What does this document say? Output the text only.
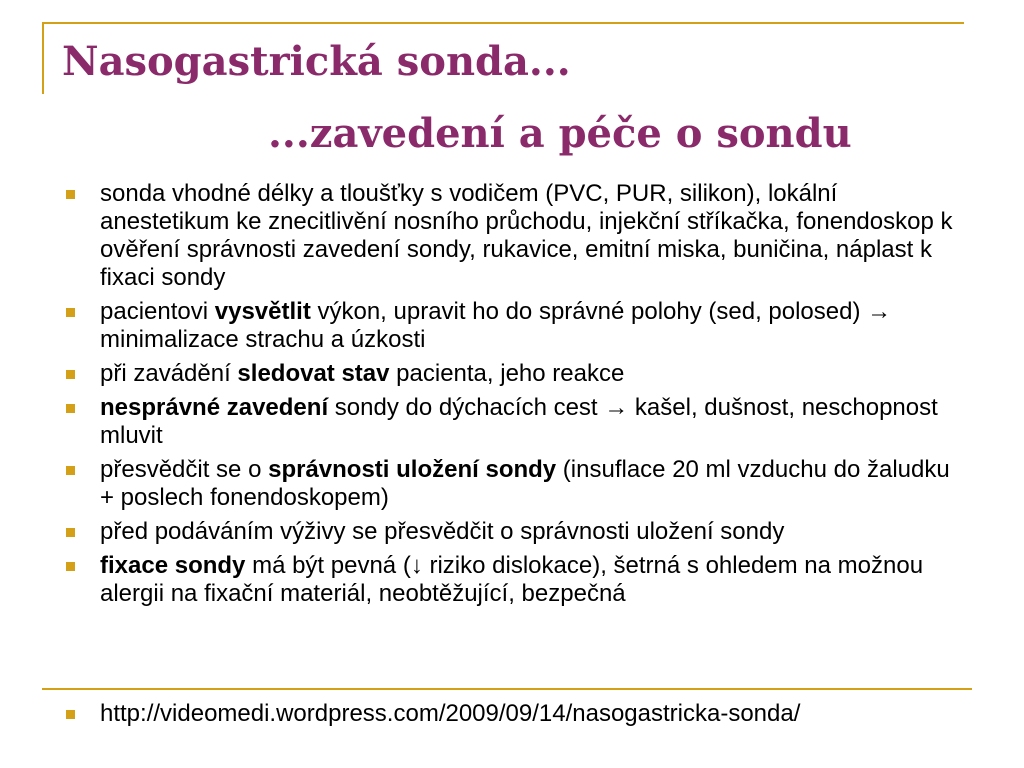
Nasogastrická sonda...
...zavedení a péče o sondu
sonda vhodné délky a tloušťky s vodičem (PVC, PUR, silikon), lokální anestetikum ke znecitlivění nosního průchodu, injekční stříkačka, fonendoskop k ověření správnosti zavedení sondy, rukavice, emitní miska, buničina, náplast k fixaci sondy
pacientovi vysvětlit výkon, upravit ho do správné polohy (sed, polosed) → minimalizace strachu a úzkosti
při zavádění sledovat stav pacienta, jeho reakce
nesprávné zavedení sondy do dýchacích cest → kašel, dušnost, neschopnost mluvit
přesvědčit se o správnosti uložení sondy (insuflace 20 ml vzduchu do žaludku + poslech fonendoskopem)
před podáváním výživy se přesvědčit o správnosti uložení sondy
fixace sondy má být pevná (↓ riziko dislokace), šetrná s ohledem na možnou alergii na fixační materiál, neobtěžující, bezpečná
http://videomedi.wordpress.com/2009/09/14/nasogastricka-sonda/
